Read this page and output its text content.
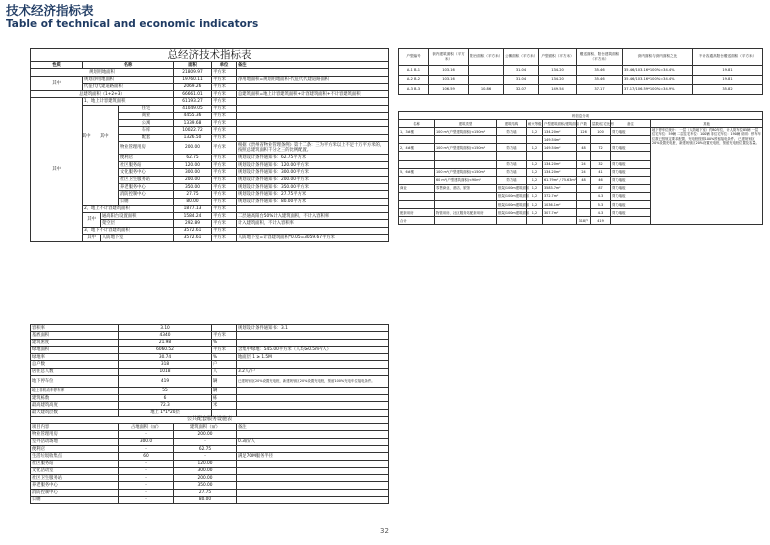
技术经济指标表
Table of technical and economic indicators
总经济技术指标表						
性质	名称			面积	单位	备注
规划用地面积				21809.97	平方米	
其中	规划净用地面积			19760.11	平方米	净用地面积=规划用地面积-代征代代建道路面积
	代征代代建道路面积			2069.26	平方米	
总建筑面积（1+2+3）				66661.01	平方米	总建筑面积=地上计容建筑面积+计容建筑面积+不计容建筑面积
其中	1、地上计容建筑面积			61193.27	平方米	
			住宅	41049.05	平方米	
			商业	4455.36	平方米	
			公寓	1339.68	平方米	
			车库	10022.72	平方米	
			配套	1326.50	平方米	
			物业管理用房	200.00	平方米	根据《贵州省物业管理条例》第十二条：三为平方米以上不足十万平方米的，按照总建筑面积千分之三的比例配置。
			便利店	62.75	平方米	规划设计条件通知书：62.75平方米
			社区服务站	120.00	平方米	规划设计条件通知书：120.00平方米
			文化服务中心	300.00	平方米	规划设计条件通知书：300.00平方米
			社区卫生服务站	200.00	平方米	规划设计条件通知书：200.00平方米
			养老服务中心	350.00	平方米	规划设计条件通知书：350.00平方米
			消防控制中心	27.75	平方米	规划设计条件通知书：27.75平方米
			公厕	80.00	平方米	规划设计条件通知书：80.00平方米
	2、地上不计容建筑面积			1877.13	平方米	
	其中	通高阳台设置面积		1584.24	平方米	二层通高阳台50%计入建筑面积，不计入容积率
		架空层		292.89	平方米	计入建筑面积，不计入容积率
	3、地下不计容建筑面积			3572.61	平方米	
	其中	人防地下室		3572.61	平方米	人防地下室=计容建筑面积*0.05=3059.67平方米
其中 其中
容积率	3.10			规划设计条件通知书：3.1
基底面积	4340		平方米	
建筑密度	21.98		%	
绿地面积	6060.52		平方米	含集中绿地：545.00平方米（人均≥0.5m²/人）
绿地率	30.74		%	地面层 1 ≥ 1.5M
总户数	318		户	
居住总人数	1018		人	3.2人/户
地下停车位	419		辆	已建规划区20%设置充电桩，新建规划区20%设置充电桩，预留100%充电车位接电条件。
地上非机动车停车库	55		辆	
建筑栋数	6		栋	
最高建筑高度	72.3		米	
最大建筑层数	地上 1*1*20层			
公共配套服务设施表				
项目内容	占地面积（㎡）	建筑面积（㎡）		备注
物业管理用房	-	200.00		
室外活动场地	300.0	-		0.3㎡/人
便利店	-	62.75		
生活垃圾收集点	60	-		满足70M服务半径
社区服务站	-	120.00		
文化活动室	-	300.00		
社区卫生服务站	-	200.00		
养老服务中心	-	350.00		
消防控制中心	-	27.75		
公厕	-	80.00		
户型编号	套内建筑面积（平方米）	阳台面积（平方米）	公摊面积（平方米）	户型面积（平方米）	赠送面积、阳台建筑面积（平方米）	套内面积与套内面积之比	不计容通高阳台赠送面积（平方米）
A-1 B-1	103.16		31.04	134.20	35.46	35.46/103.16*100%=34.4%	19.81
A-2 B-2	103.16		31.04	134.20	35.46	35.46/103.16*100%=34.4%	19.81
A-3 B-3	106.59	10.86	32.07	149.54	37.17	37.17/106.59*100%=34.9%	35.82
栋信息分项								
名称	建筑类型	建筑结构	耐火等级	户型建筑面积/建筑面积	户数	层数/住宅比例	备注	其他
1、3#楼	100 m²(户型建筑面积)<150m²	剪力墙	1,2	134.20m²	126	100	剪力墙板	地下停车位统计： 一层（人防地下室）约80车位，计人防车位85辆 一层住宅车位：59辆 二层住宅车位：100辆 非住宅车位：190辆 说明：停车车位数已按规定要求配置，充电桩按照100%预留接电条件。 已建规划区20%设置充电桩，新建规划区20%设置充电桩，预留充电桩位置及容量。
				149.54m²				
2、4#楼	100 m²(户型建筑面积)<150m²	剪力墙	1,2	149.54m²	48	72	剪力墙板	

		剪力墙	1,2	134.20m²	24	32	剪力墙板	
5、6#楼	100 m²(户型建筑面积)<150m²	剪力墙	1,2	134.20m²	24	41	剪力墙板	
	60 m²(户型建筑面积)<90m²	剪力墙	1,2	61.79m² / 75.63m²	48	46	剪力墙板	
商业	零售商业、酒店、旅馆	框架/100m建筑面积	1,2	3583.7m²		87	剪力墙板	
		框架/100m建筑面积	1,2	372.7m²		4.3	剪力墙板	
		框架/100m建筑面积	1,2	1036.1m²		5.3	剪力墙板	
配套用房	物管用房、社区服务站配套用房	框架/100m建筑面积	1,2	307.7m²		4.3	剪力墙板	
合计					318户	419		
32
